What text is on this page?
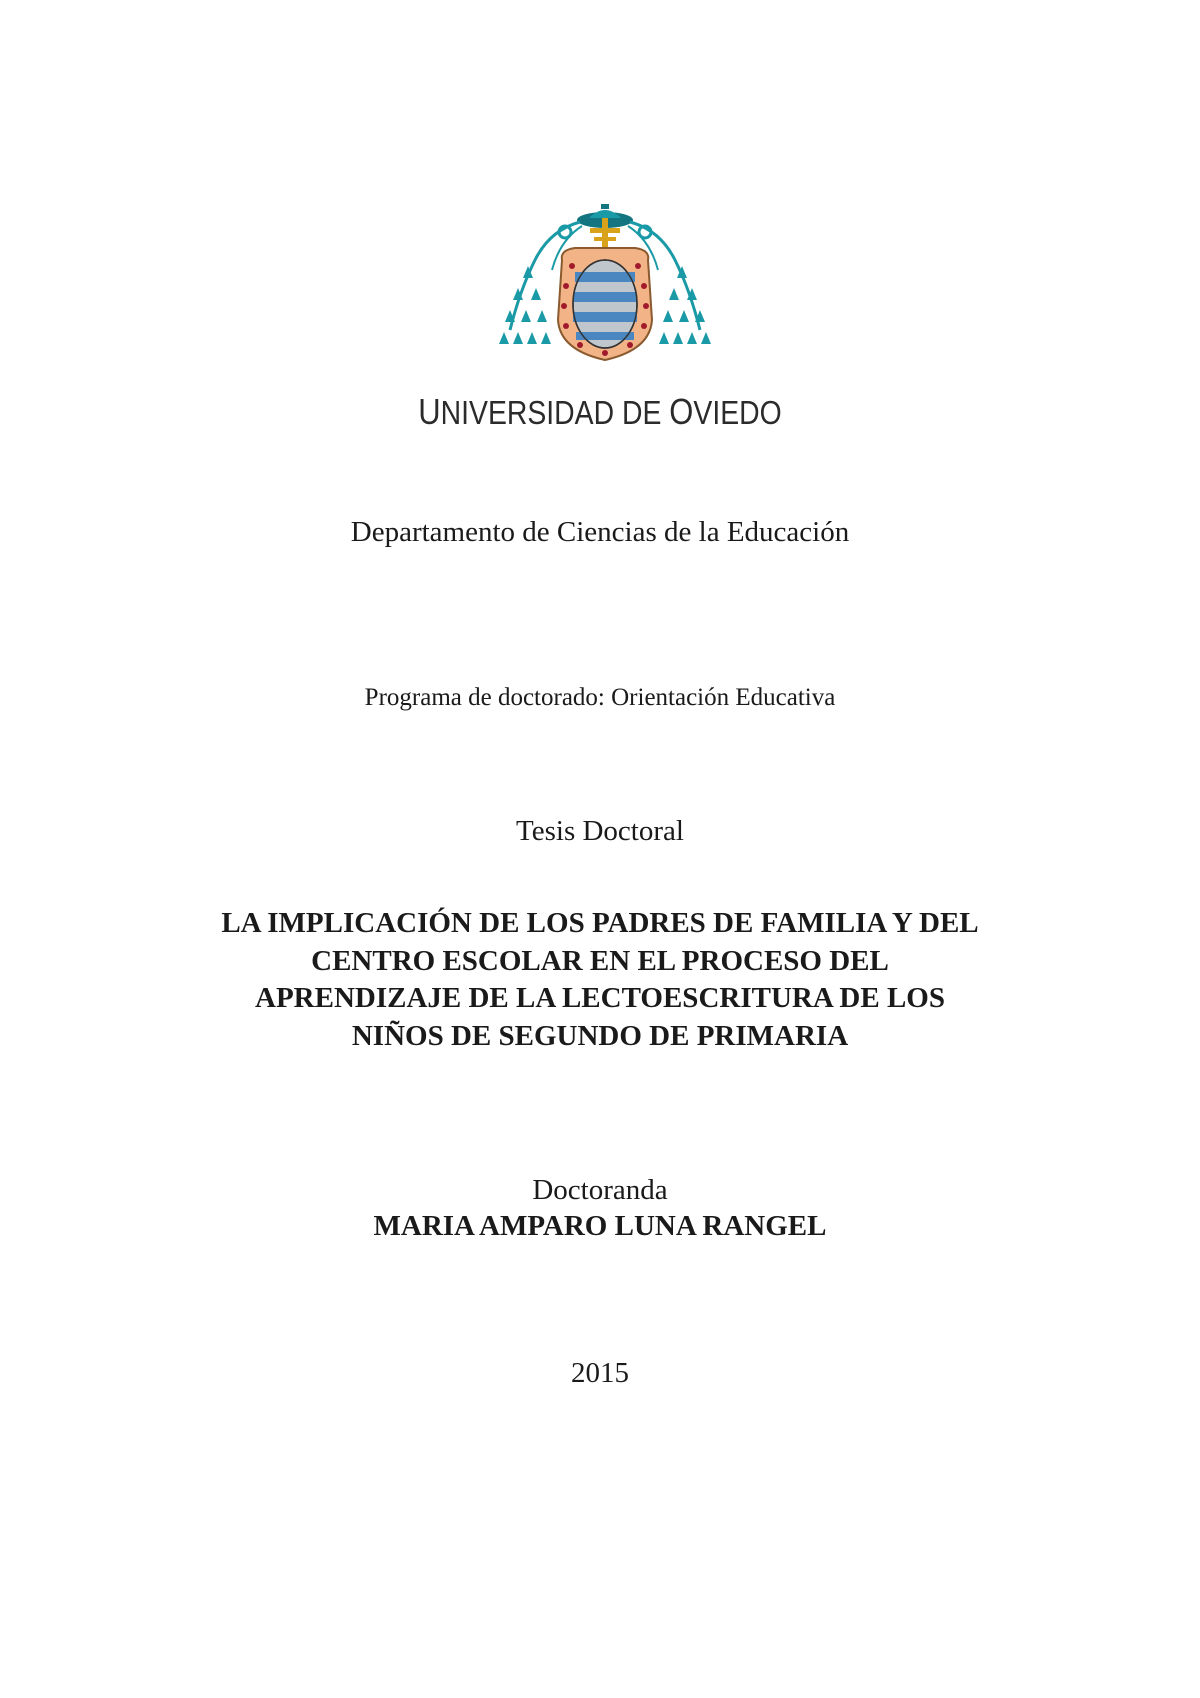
UNIVERSIDAD DE OVIEDO
Departamento de Ciencias de la Educación
Programa de doctorado: Orientación Educativa
Tesis Doctoral
LA IMPLICACIÓN DE LOS PADRES DE FAMILIA Y DEL
CENTRO ESCOLAR EN EL PROCESO DEL
APRENDIZAJE DE LA LECTOESCRITURA DE LOS
NIÑOS DE SEGUNDO DE PRIMARIA
Doctoranda
MARIA AMPARO LUNA RANGEL
2015
